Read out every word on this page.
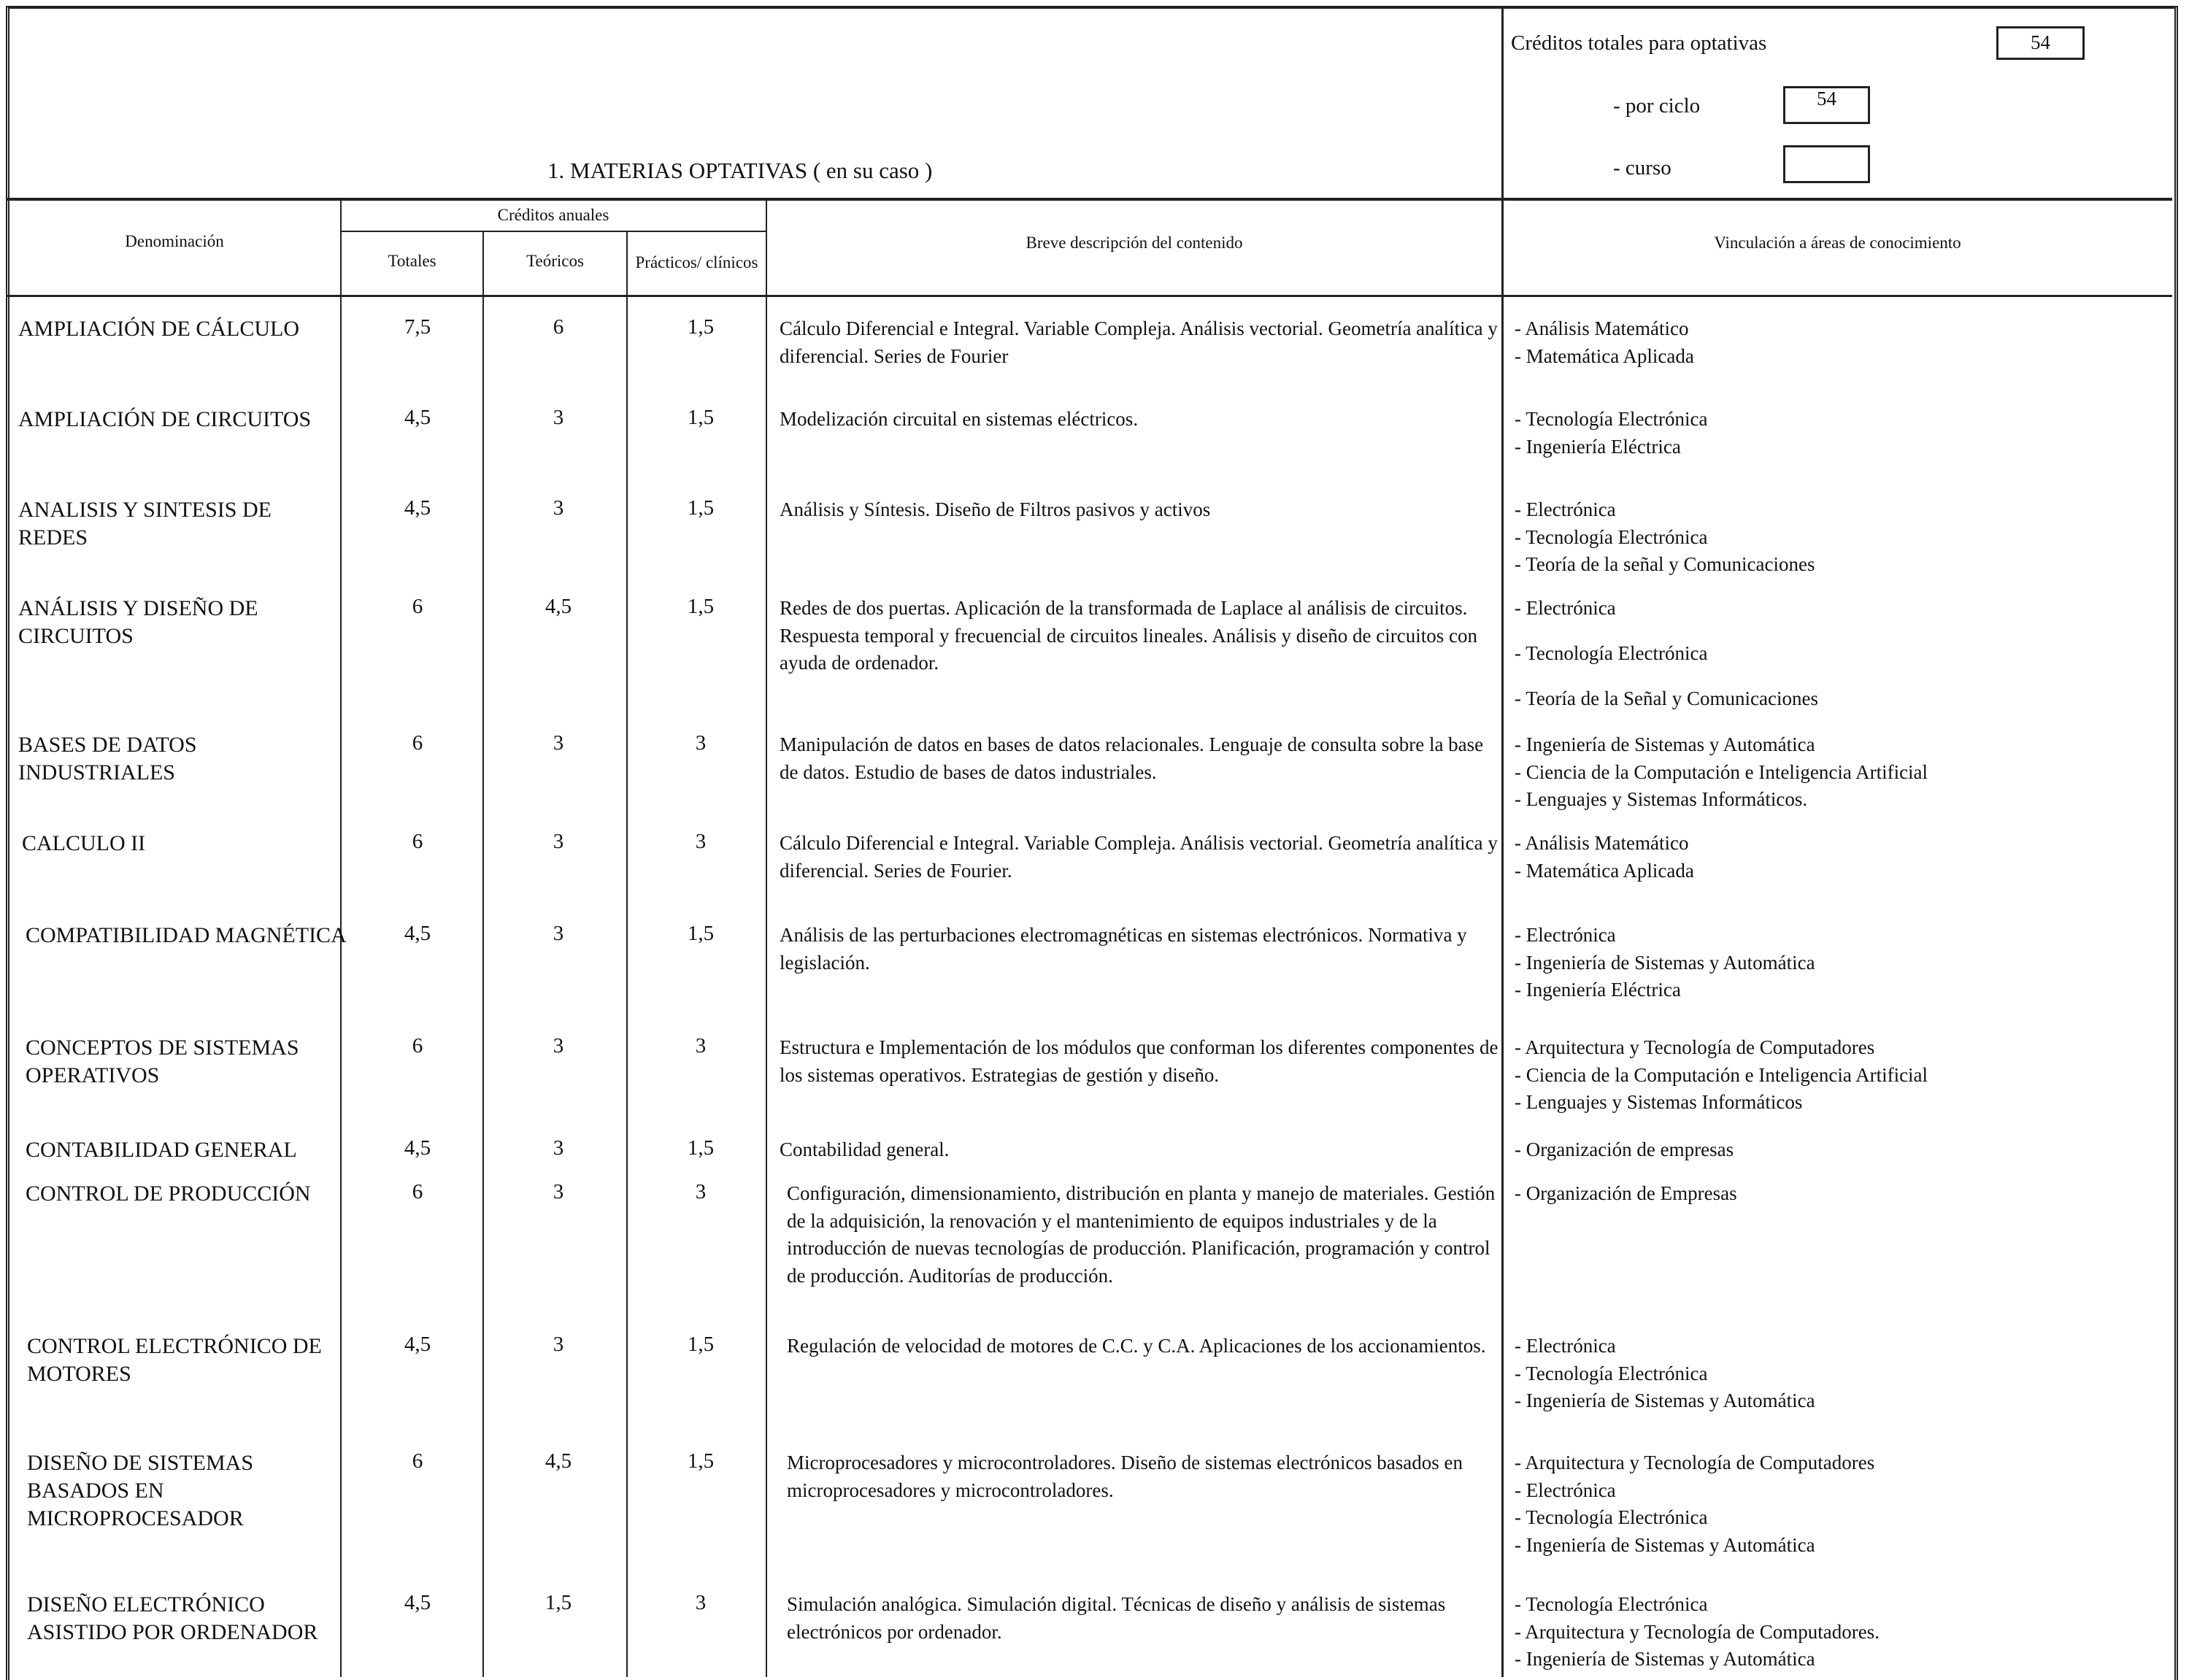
1. MATERIAS OPTATIVAS ( en su caso )
Créditos totales para optativas	54
- por ciclo	54
- curso
Denominación
Créditos anuales
Totales	Teóricos	Prácticos/ clínicos
Breve descripción del contenido	Vinculación a áreas de conocimiento
AMPLIACIÓN DE CÁLCULO	7,5	6	1,5	Cálculo Diferencial e Integral. Variable Compleja. Análisis vectorial. Geometría analítica y diferencial. Series de Fourier
- Análisis Matemático
- Matemática Aplicada
AMPLIACIÓN DE CIRCUITOS	4,5	3	1,5	Modelización circuital en sistemas eléctricos.	- Tecnología Electrónica
- Ingeniería Eléctrica
ANALISIS Y SINTESIS DE REDES
4,5	3	1,5	Análisis y Síntesis. Diseño de Filtros pasivos y activos	- Electrónica
- Tecnología Electrónica
- Teoría de la señal y Comunicaciones
ANÁLISIS Y DISEÑO DE CIRCUITOS
6	4,5	1,5	Redes de dos puertas. Aplicación de la transformada de Laplace al análisis de circuitos. Respuesta temporal y frecuencial de circuitos lineales. Análisis y diseño de circuitos con ayuda de ordenador.
- Electrónica
- Tecnología Electrónica
- Teoría de la Señal y Comunicaciones
BASES DE DATOS INDUSTRIALES
6	3	3	Manipulación de datos en bases de datos relacionales. Lenguaje de consulta sobre la base de datos. Estudio de bases de datos industriales.
- Ingeniería de Sistemas y Automática
- Ciencia de la Computación e Inteligencia Artificial
- Lenguajes y Sistemas Informáticos.
CALCULO II	6	3	3	Cálculo Diferencial e Integral. Variable Compleja. Análisis vectorial. Geometría analítica y diferencial. Series de Fourier.
- Análisis Matemático
- Matemática Aplicada
COMPATIBILIDAD MAGNÉTICA	4,5	3	1,5	Análisis de las perturbaciones electromagnéticas en sistemas electrónicos. Normativa y legislación.
- Electrónica
- Ingeniería de Sistemas y Automática
- Ingeniería Eléctrica
CONCEPTOS DE SISTEMAS OPERATIVOS
6	3	3	Estructura e Implementación de los módulos que conforman los diferentes componentes de los sistemas operativos. Estrategias de gestión y diseño.
- Arquitectura y Tecnología de Computadores
- Ciencia de la Computación e Inteligencia Artificial
- Lenguajes y Sistemas Informáticos
CONTABILIDAD GENERAL	4,5	3	1,5	Contabilidad general.	- Organización de empresas
CONTROL DE PRODUCCIÓN	6	3	3	Configuración, dimensionamiento, distribución en planta y manejo de materiales. Gestión de la adquisición, la renovación y el mantenimiento de equipos industriales y de la introducción de nuevas tecnologías de producción. Planificación, programación y control de producción. Auditorías de producción.
- Organización de Empresas
CONTROL ELECTRÓNICO DE MOTORES
4,5	3	1,5	Regulación de velocidad de motores de C.C. y C.A. Aplicaciones de los accionamientos.	- Electrónica
- Tecnología Electrónica
- Ingeniería de Sistemas y Automática
DISEÑO DE SISTEMAS BASADOS EN MICROPROCESADOR
6	4,5	1,5	Microprocesadores y microcontroladores. Diseño de sistemas electrónicos basados en microprocesadores y microcontroladores.
- Arquitectura y Tecnología de Computadores
- Electrónica
- Tecnología Electrónica
- Ingeniería de Sistemas y Automática
DISEÑO ELECTRÓNICO ASISTIDO POR ORDENADOR
4,5	1,5	3	Simulación analógica. Simulación digital. Técnicas de diseño y análisis de sistemas electrónicos por ordenador.
- Tecnología Electrónica
- Arquitectura y Tecnología de Computadores.
- Ingeniería de Sistemas y Automática
